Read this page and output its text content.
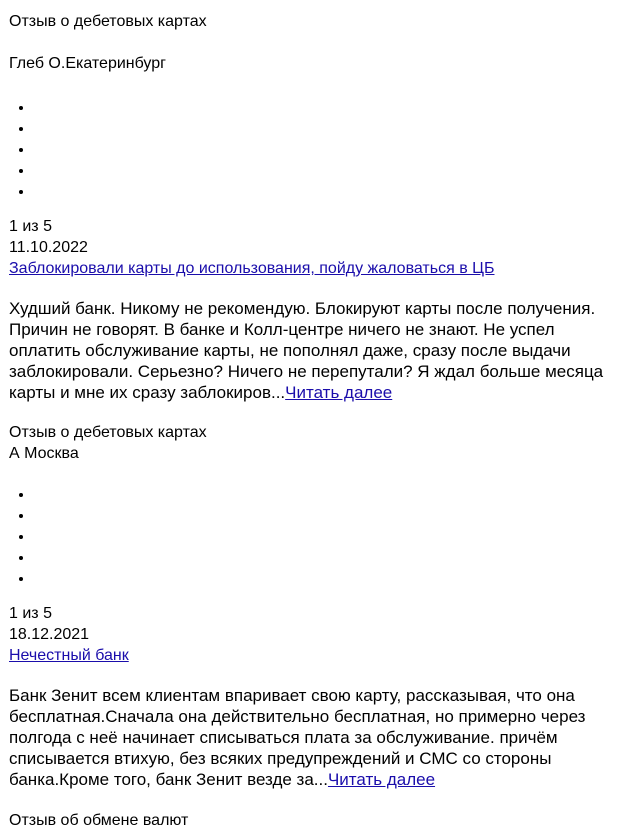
Отзыв о дебетовых картах

Глеб О.Екатеринбург

•
•
•
•
•

1 из 5

11.10.2022

Заблокировали карты до использования, пойду жаловаться в ЦБ

Худший банк. Никому не рекомендую. Блокируют карты после получения. Причин не говорят. В банке и Колл-центре ничего не знают. Не успел оплатить обслуживание карты, не пополнял даже, сразу после выдачи заблокировали. Серьезно? Ничего не перепутали? Я ждал больше месяца карты и мне их сразу заблокиров...Читать далее

Отзыв о дебетовых картах

А Москва

•
•
•
•
•

1 из 5

18.12.2021

Нечестный банк

Банк Зенит всем клиентам впаривает свою карту, рассказывая, что она бесплатная.Сначала она действительно бесплатная, но примерно через полгода с неё начинает списываться плата за обслуживание. причём списывается втихую, без всяких предупреждений и СМС со стороны банка.Кроме того, банк Зенит везде за...Читать далее

Отзыв об обмене валют
